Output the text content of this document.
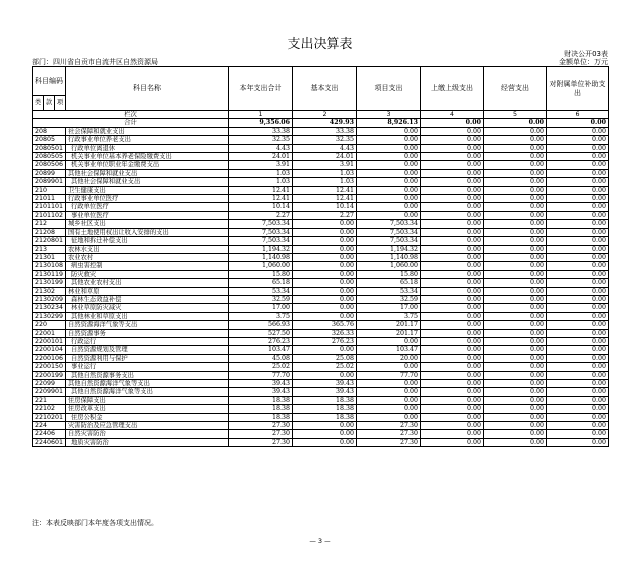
支出决算表
财决公开03表
金额单位：万元
部门：四川省自贡市自流井区自然资源局
科目编码			科目名称	本年支出合计	基本支出	项目支出	上缴上级支出	经营支出	对附属单位补助支出
类	款	项							
栏次				1	2	3	4	5	6
合计				9,356.06	429.93	8,926.13	0.00	0.00	0.00
208			社会保障和就业支出	33.38	33.38	0.00	0.00	0.00	0.00
20805			行政事业单位养老支出	32.35	32.35	0.00	0.00	0.00	0.00
2080501			行政单位离退休	4.43	4.43	0.00	0.00	0.00	0.00
2080505			机关事业单位基本养老保险缴费支出	24.01	24.01	0.00	0.00	0.00	0.00
2080506			机关事业单位职业年金缴费支出	3.91	3.91	0.00	0.00	0.00	0.00
20899			其他社会保障和就业支出	1.03	1.03	0.00	0.00	0.00	0.00
2089901			其他社会保障和就业支出	1.03	1.03	0.00	0.00	0.00	0.00
210			卫生健康支出	12.41	12.41	0.00	0.00	0.00	0.00
21011			行政事业单位医疗	12.41	12.41	0.00	0.00	0.00	0.00
2101101			行政单位医疗	10.14	10.14	0.00	0.00	0.00	0.00
2101102			事业单位医疗	2.27	2.27	0.00	0.00	0.00	0.00
212			城乡社区支出	7,503.34	0.00	7,503.34	0.00	0.00	0.00
21208			国有土地使用权出让收入安排的支出	7,503.34	0.00	7,503.34	0.00	0.00	0.00
2120801			征地和拆迁补偿支出	7,503.34	0.00	7,503.34	0.00	0.00	0.00
213			农林水支出	1,194.32	0.00	1,194.32	0.00	0.00	0.00
21301			农业农村	1,140.98	0.00	1,140.98	0.00	0.00	0.00
2130108			病虫害控制	1,060.00	0.00	1,060.00	0.00	0.00	0.00
2130119			防灾救灾	15.80	0.00	15.80	0.00	0.00	0.00
2130199			其他农业农村支出	65.18	0.00	65.18	0.00	0.00	0.00
21302			林业和草原	53.34	0.00	53.34	0.00	0.00	0.00
2130209			森林生态效益补偿	32.59	0.00	32.59	0.00	0.00	0.00
2130234			林业草原防灾减灾	17.00	0.00	17.00	0.00	0.00	0.00
2130299			其他林业和草原支出	3.75	0.00	3.75	0.00	0.00	0.00
220			自然资源海洋气象等支出	566.93	365.76	201.17	0.00	0.00	0.00
22001			自然资源事务	527.50	326.33	201.17	0.00	0.00	0.00
2200101			行政运行	276.23	276.23	0.00	0.00	0.00	0.00
2200104			自然资源规划及管理	103.47	0.00	103.47	0.00	0.00	0.00
2200106			自然资源利用与保护	45.08	25.08	20.00	0.00	0.00	0.00
2200150			事业运行	25.02	25.02	0.00	0.00	0.00	0.00
2200199			其他自然资源事务支出	77.70	0.00	77.70	0.00	0.00	0.00
22099			其他自然资源海洋气象等支出	39.43	39.43	0.00	0.00	0.00	0.00
2209901			其他自然资源海洋气象等支出	39.43	39.43	0.00	0.00	0.00	0.00
221			住房保障支出	18.38	18.38	0.00	0.00	0.00	0.00
22102			住房改革支出	18.38	18.38	0.00	0.00	0.00	0.00
2210201			住房公积金	18.38	18.38	0.00	0.00	0.00	0.00
224			灾害防治及应急管理支出	27.30	0.00	27.30	0.00	0.00	0.00
22406			自然灾害防治	27.30	0.00	27.30	0.00	0.00	0.00
2240601			地质灾害防治	27.30	0.00	27.30	0.00	0.00	0.00
注：本表反映部门本年度各项支出情况。
— 3 —
